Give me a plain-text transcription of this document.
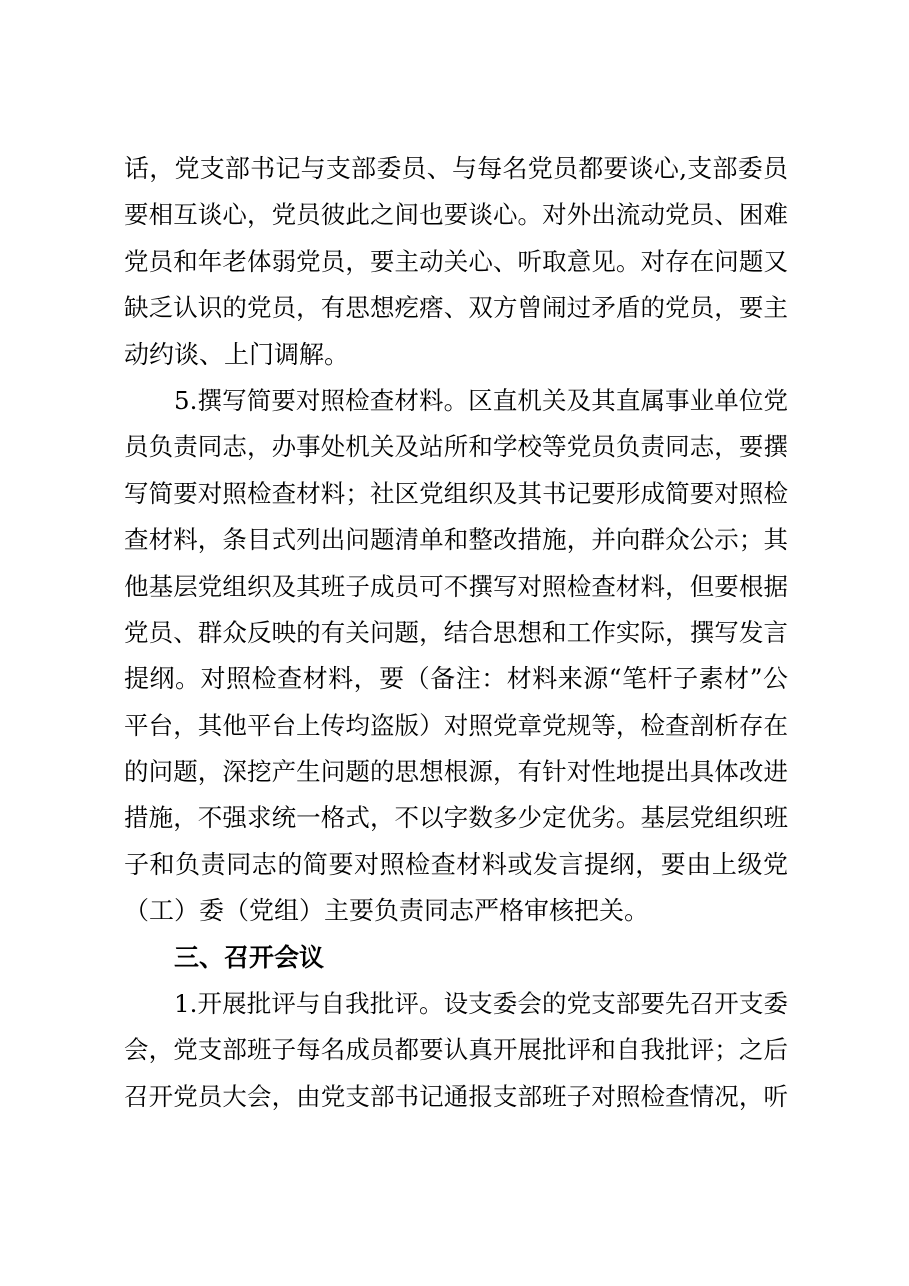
话，党支部书记与支部委员、与每名党员都要谈心,支部委员
要相互谈心，党员彼此之间也要谈心。对外出流动党员、困难
党员和年老体弱党员，要主动关心、听取意见。对存在问题又
缺乏认识的党员，有思想疙瘩、双方曾闹过矛盾的党员，要主
动约谈、上门调解。
5.撰写简要对照检查材料。区直机关及其直属事业单位党
员负责同志，办事处机关及站所和学校等党员负责同志，要撰
写简要对照检查材料；社区党组织及其书记要形成简要对照检
查材料，条目式列出问题清单和整改措施，并向群众公示；其
他基层党组织及其班子成员可不撰写对照检查材料，但要根据
党员、群众反映的有关问题，结合思想和工作实际，撰写发言
提纲。对照检查材料，要（备注：材料来源“笔杆子素材”公
平台，其他平台上传均盗版）对照党章党规等，检查剖析存在
的问题，深挖产生问题的思想根源，有针对性地提出具体改进
措施，不强求统一格式，不以字数多少定优劣。基层党组织班
子和负责同志的简要对照检查材料或发言提纲，要由上级党
（工）委（党组）主要负责同志严格审核把关。
三、召开会议
1.开展批评与自我批评。设支委会的党支部要先召开支委
会，党支部班子每名成员都要认真开展批评和自我批评；之后
召开党员大会，由党支部书记通报支部班子对照检查情况，听
